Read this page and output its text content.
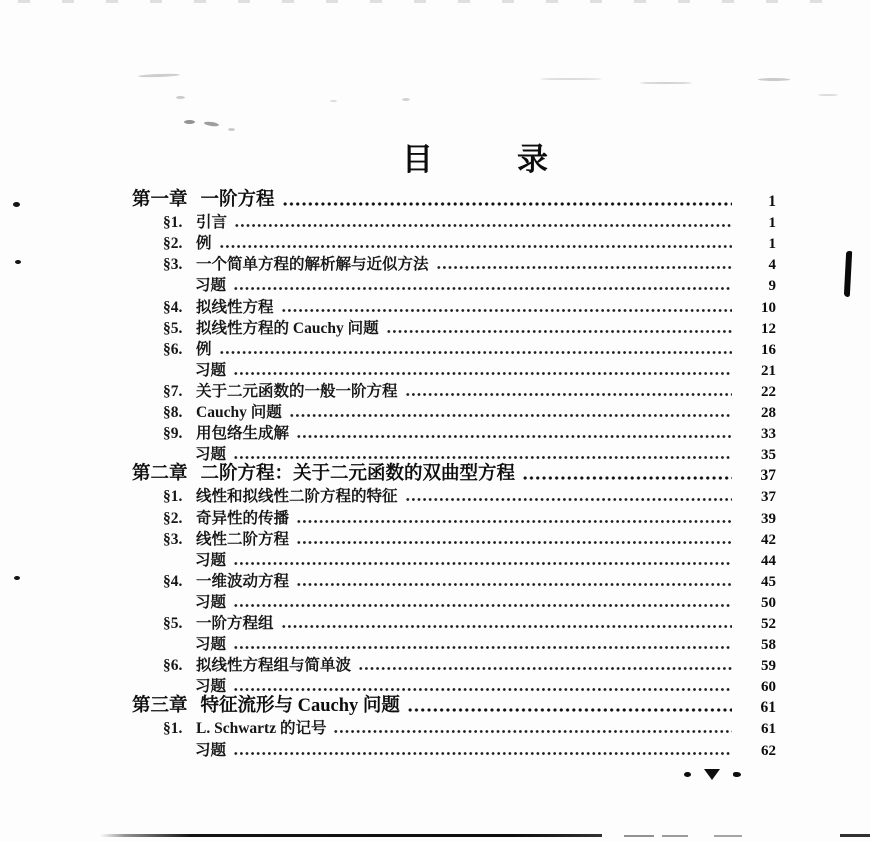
目	录
第一章 一阶方程	1
§1. 引言	1
§2. 例	1
§3. 一个简单方程的解析解与近似方法	4
习题	9
§4. 拟线性方程	10
§5. 拟线性方程的 Cauchy 问题	12
§6. 例	16
习题	21
§7. 关于二元函数的一般一阶方程	22
§8. Cauchy 问题	28
§9. 用包络生成解	33
习题	35
第二章 二阶方程：关于二元函数的双曲型方程	37
§1. 线性和拟线性二阶方程的特征	37
§2. 奇异性的传播	39
§3. 线性二阶方程	42
习题	44
§4. 一维波动方程	45
习题	50
§5. 一阶方程组	52
习题	58
§6. 拟线性方程组与简单波	59
习题	60
第三章 特征流形与 Cauchy 问题	61
§1. L. Schwartz 的记号	61
习题	62
